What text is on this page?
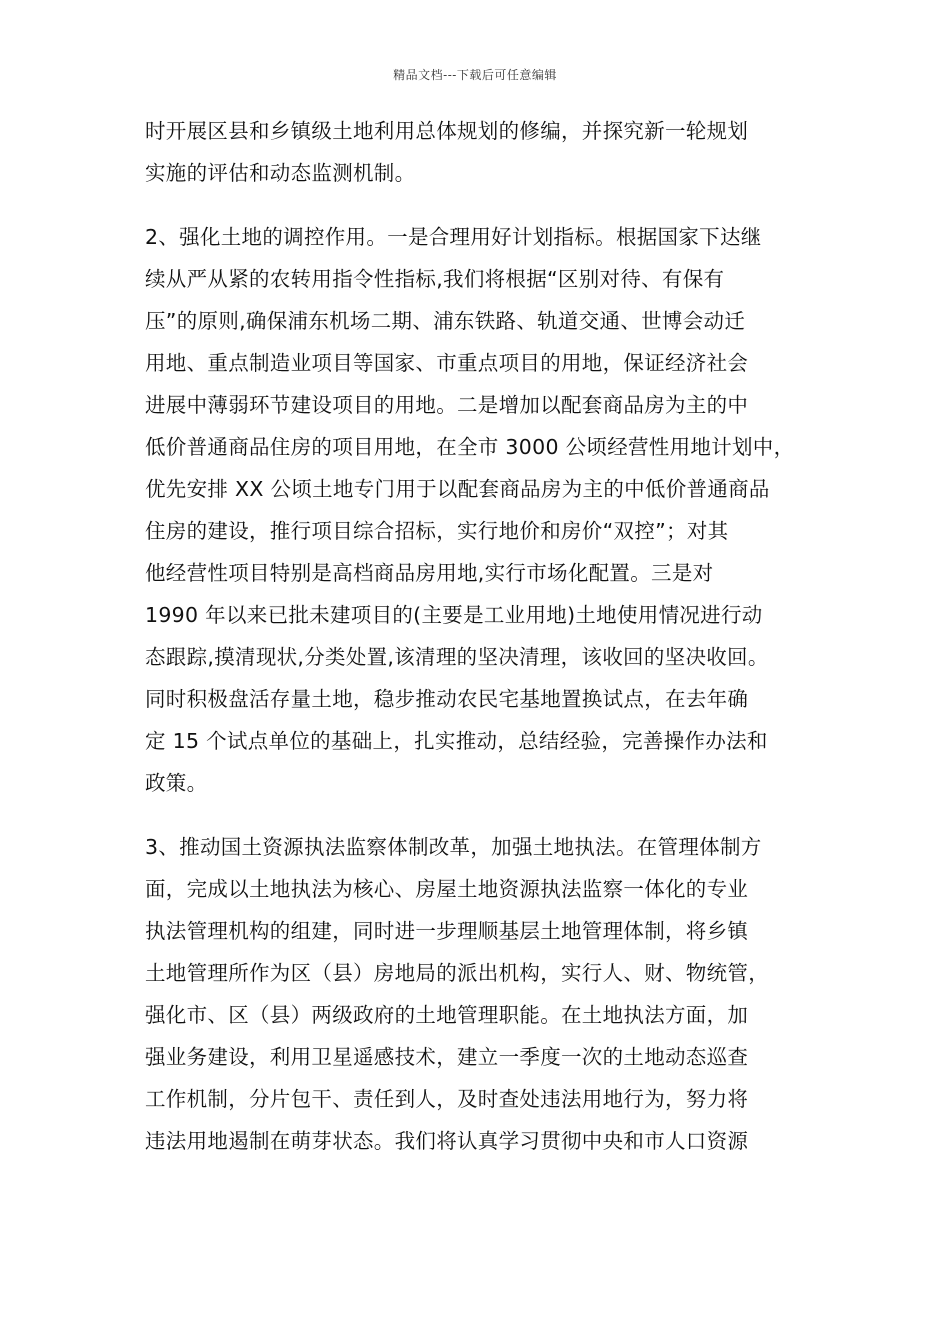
精品文档---下载后可任意编辑
时开展区县和乡镇级土地利用总体规划的修编，并探究新一轮规划
实施的评估和动态监测机制。
2、强化土地的调控作用。一是合理用好计划指标。根据国家下达继
续从严从紧的农转用指令性指标,我们将根据“区别对待、有保有
压”的原则,确保浦东机场二期、浦东铁路、轨道交通、世博会动迁
用地、重点制造业项目等国家、市重点项目的用地，保证经济社会
进展中薄弱环节建设项目的用地。二是增加以配套商品房为主的中
低价普通商品住房的项目用地，在全市 3000 公顷经营性用地计划中，
优先安排 XX 公顷土地专门用于以配套商品房为主的中低价普通商品
住房的建设，推行项目综合招标，实行地价和房价“双控”；对其
他经营性项目特别是高档商品房用地,实行市场化配置。三是对
1990 年以来已批未建项目的(主要是工业用地)土地使用情况进行动
态跟踪,摸清现状,分类处置,该清理的坚决清理，该收回的坚决收回。
同时积极盘活存量土地，稳步推动农民宅基地置换试点，在去年确
定 15 个试点单位的基础上，扎实推动，总结经验，完善操作办法和
政策。
3、推动国土资源执法监察体制改革，加强土地执法。在管理体制方
面，完成以土地执法为核心、房屋土地资源执法监察一体化的专业
执法管理机构的组建，同时进一步理顺基层土地管理体制，将乡镇
土地管理所作为区（县）房地局的派出机构，实行人、财、物统管，
强化市、区（县）两级政府的土地管理职能。在土地执法方面，加
强业务建设，利用卫星遥感技术，建立一季度一次的土地动态巡查
工作机制，分片包干、责任到人，及时查处违法用地行为，努力将
违法用地遏制在萌芽状态。我们将认真学习贯彻中央和市人口资源
